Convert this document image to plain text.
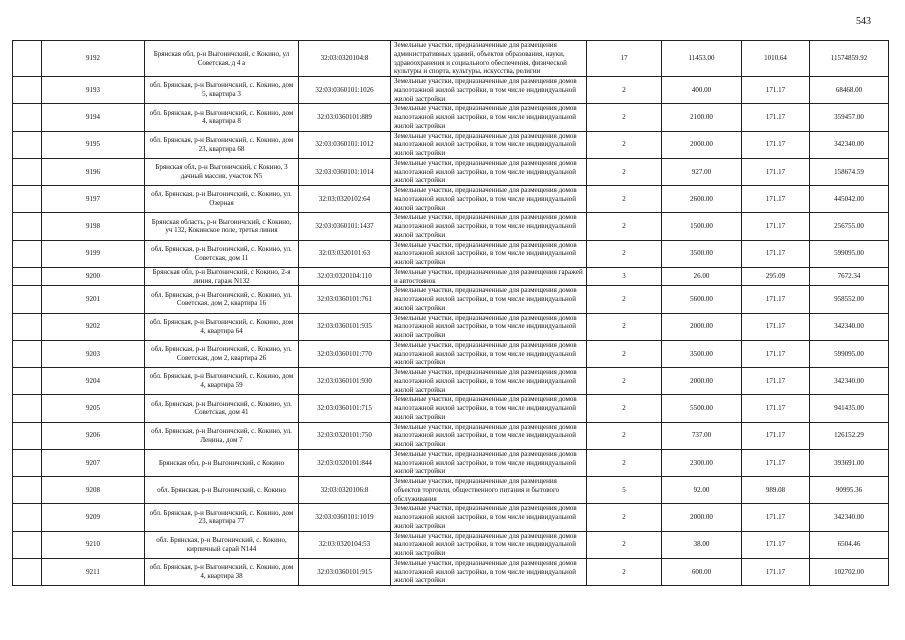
543
	9192	Брянская обл, р-н Выгоничский, с Кокино, ул Советская, д 4 а	32:03:0320104:8	Земельные участки, предназначенные для размещения административных зданий, объектов образования, науки, здравоохранения и социального обеспечения, физической культуры и спорта, культуры, искусства, религии	17	11453.00	1010.64	11574859.92
	9193	обл. Брянская, р-н Выгоничский, с. Кокино, дом 5, квартира 3	32:03:0360101:1026	Земельные участки, предназначенные для размещения домов малоэтажной жилой застройки, в том числе индивидуальной жилой застройки	2	400.00	171.17	68468.00
	9194	обл. Брянская, р-н Выгоничский, с. Кокино, дом 4, квартира 8	32:03:0360101:889	Земельные участки, предназначенные для размещения домов малоэтажной жилой застройки, в том числе индивидуальной жилой застройки	2	2100.00	171.17	359457.00
	9195	обл. Брянская, р-н Выгоничский, с. Кокино, дом 23, квартира 68	32:03:0360101:1012	Земельные участки, предназначенные для размещения домов малоэтажной жилой застройки, в том числе индивидуальной жилой застройки	2	2000.00	171.17	342340.00
	9196	Брянская обл, р-н Выгоничский, с Кокино, 3 дачный массив, участок N5	32:03:0360101:1014	Земельные участки, предназначенные для размещения домов малоэтажной жилой застройки, в том числе индивидуальной жилой застройки	2	927.00	171.17	158674.59
	9197	обл. Брянская, р-н Выгоничский, с. Кокино, ул. Озерная	32:03:0320102:64	Земельные участки, предназначенные для размещения домов малоэтажной жилой застройки, в том числе индивидуальной жилой застройки	2	2600.00	171.17	445042.00
	9198	Брянская область, р-н Выгоничский, с Кокино, уч 132, Кокинское поле, третья линия	32:03:0360101:1437	Земельные участки, предназначенные для размещения домов малоэтажной жилой застройки, в том числе индивидуальной жилой застройки	2	1500.00	171.17	256755.00
	9199	обл. Брянская, р-н Выгоничский, с. Кокино, ул. Советская, дом 11	32:03:0320101:63	Земельные участки, предназначенные для размещения домов малоэтажной жилой застройки, в том числе индивидуальной жилой застройки	2	3500.00	171.17	599095.00
	9200	Брянская обл, р-н Выгоничский, с Кокино, 2-я линия, гараж N132	32:03:0320104:110	Земельные участки, предназначенные для размещения гаражей и автостоянок	3	26.00	295.09	7672.34
	9201	обл. Брянская, р-н Выгоничский, с. Кокино, ул. Советская, дом 2, квартира 16	32:03:0360101:761	Земельные участки, предназначенные для размещения домов малоэтажной жилой застройки, в том числе индивидуальной жилой застройки	2	5600.00	171.17	958552.00
	9202	обл. Брянская, р-н Выгоничский, с. Кокино, дом 4, квартира 64	32:03:0360101:935	Земельные участки, предназначенные для размещения домов малоэтажной жилой застройки, в том числе индивидуальной жилой застройки	2	2000.00	171.17	342340.00
	9203	обл. Брянская, р-н Выгоничский, с. Кокино, ул. Советская, дом 2, квартира 26	32:03:0360101:770	Земельные участки, предназначенные для размещения домов малоэтажной жилой застройки, в том числе индивидуальной жилой застройки	2	3500.00	171.17	599095.00
	9204	обл. Брянская, р-н Выгоничский, с. Кокино, дом 4, квартира 59	32:03:0360101:930	Земельные участки, предназначенные для размещения домов малоэтажной жилой застройки, в том числе индивидуальной жилой застройки	2	2000.00	171.17	342340.00
	9205	обл. Брянская, р-н Выгоничский, с. Кокино, ул. Советская, дом 41	32:03:0360101:715	Земельные участки, предназначенные для размещения домов малоэтажной жилой застройки, в том числе индивидуальной жилой застройки	2	5500.00	171.17	941435.00
	9206	обл. Брянская, р-н Выгоничский, с. Кокино, ул. Ленина, дом 7	32:03:0320101:750	Земельные участки, предназначенные для размещения домов малоэтажной жилой застройки, в том числе индивидуальной жилой застройки	2	737.00	171.17	126152.29
	9207	Брянская обл, р-н Выгоничский, с Кокино	32:03:0320101:844	Земельные участки, предназначенные для размещения домов малоэтажной жилой застройки, в том числе индивидуальной жилой застройки	2	2300.00	171.17	393691.00
	9208	обл. Брянская, р-н Выгоничский, с. Кокино	32:03:0320106:8	Земельные участки, предназначенные для размещения объектов торговли, общественного питания и бытового обслуживания	5	92.00	989.08	90995.36
	9209	обл. Брянская, р-н Выгоничский, с. Кокино, дом 23, квартира 77	32:03:0360101:1019	Земельные участки, предназначенные для размещения домов малоэтажной жилой застройки, в том числе индивидуальной жилой застройки	2	2000.00	171.17	342340.00
	9210	обл. Брянская, р-н Выгоничский, с. Кокино, кирпичный сарай N144	32:03:0320104:53	Земельные участки, предназначенные для размещения домов малоэтажной жилой застройки, в том числе индивидуальной жилой застройки	2	38.00	171.17	6504.46
	9211	обл. Брянская, р-н Выгоничский, с. Кокино, дом 4, квартира 38	32:03:0360101:915	Земельные участки, предназначенные для размещения домов малоэтажной жилой застройки, в том числе индивидуальной жилой застройки	2	600.00	171.17	102702.00
